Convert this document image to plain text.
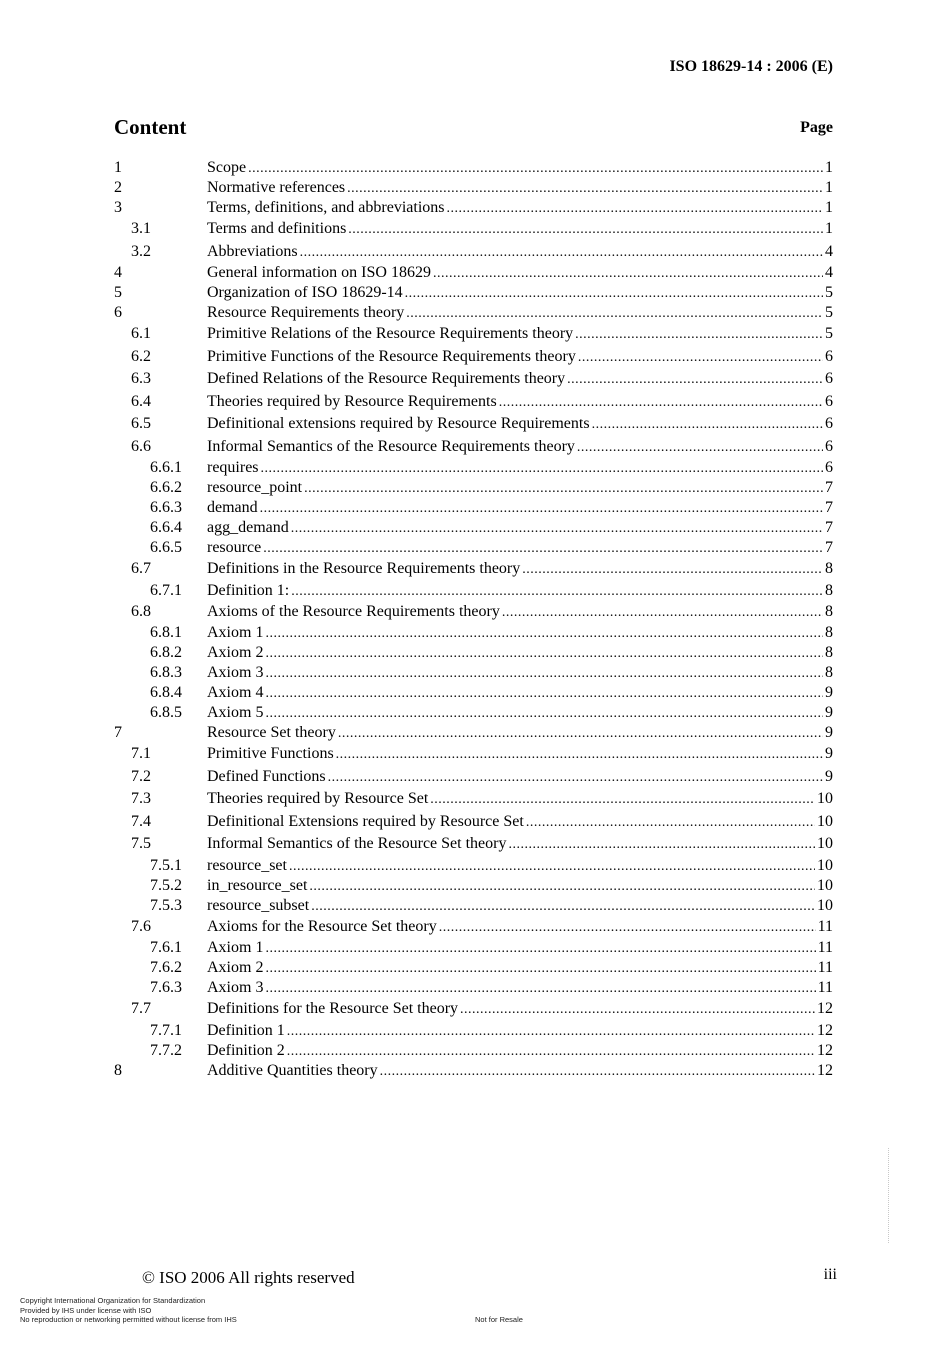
ISO 18629-14 : 2006 (E)
Content	Page
1	Scope .....	1
2	Normative references .....	1
3	Terms, definitions, and abbreviations .....	1
3.1	Terms and definitions .....	1
3.2	Abbreviations .....	4
4	General information on ISO 18629 .....	4
5	Organization of ISO 18629-14 .....	5
6	Resource Requirements theory .....	5
6.1	Primitive Relations of the Resource Requirements theory .....	5
6.2	Primitive Functions of the Resource Requirements theory .....	6
6.3	Defined Relations of the Resource Requirements theory .....	6
6.4	Theories required by Resource Requirements .....	6
6.5	Definitional extensions required by Resource Requirements .....	6
6.6	Informal Semantics of the Resource Requirements theory .....	6
6.6.1	requires .....	6
6.6.2	resource_point .....	7
6.6.3	demand .....	7
6.6.4	agg_demand .....	7
6.6.5	resource .....	7
6.7	Definitions in the Resource Requirements theory .....	8
6.7.1	Definition 1: .....	8
6.8	Axioms of the Resource Requirements theory .....	8
6.8.1	Axiom 1 .....	8
6.8.2	Axiom 2 .....	8
6.8.3	Axiom 3 .....	8
6.8.4	Axiom 4 .....	9
6.8.5	Axiom 5 .....	9
7	Resource Set theory .....	9
7.1	Primitive Functions .....	9
7.2	Defined Functions .....	9
7.3	Theories required by Resource Set .....	10
7.4	Definitional Extensions required by Resource Set .....	10
7.5	Informal Semantics of the Resource Set theory .....	10
7.5.1	resource_set .....	10
7.5.2	in_resource_set .....	10
7.5.3	resource_subset .....	10
7.6	Axioms for the Resource Set theory .....	11
7.6.1	Axiom 1 .....	11
7.6.2	Axiom 2 .....	11
7.6.3	Axiom 3 .....	11
7.7	Definitions for the Resource Set theory .....	12
7.7.1	Definition 1 .....	12
7.7.2	Definition 2 .....	12
8	Additive Quantities theory .....	12
© ISO 2006 All rights reserved	iii
Copyright International Organization for Standardization
Provided by IHS under license with ISO
No reproduction or networking permitted without license from IHS	Not for Resale
